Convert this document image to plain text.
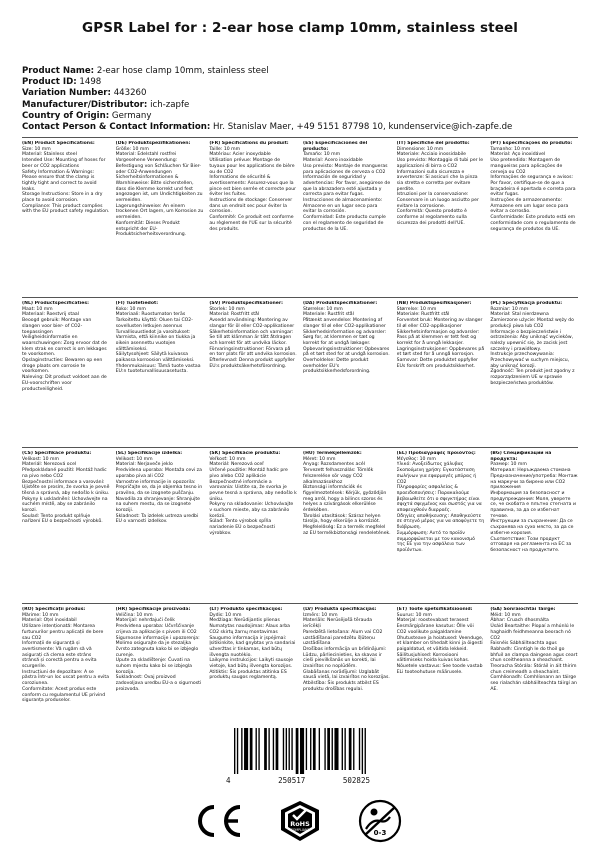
GPSR Label for : 2-ear hose clamp 10mm, stainless steel
Product Name: 2-ear hose clamp 10mm, stainless steel
Product ID: 1498
Variation Number: 443260
Manufacturer/Distributor: ich-zapfe
Country of Origin: Germany
Contact Person & Contact Information: Hr. Stanislav Maer, +49 5151 87798 10, kundenservice@ich-zapfe.de
(EN) Product Specifications:
Size: 10 mm
Material: Stainless steel
Intended Use: Mounting of hoses for beer or CO2 applications
Safety Information & Warnings: Please ensure that the clamp is tightly tight and correct to avoid leaks.
Storage Instructions: Store in a dry place to avoid corrosion.
Compliance: This product complies with the EU product safety regulation.
(DE) Produktspezifikationen:
Größe: 10 mm
Material: Edelstahl rostfrei
Vorgesehene Verwendung: Befestigung von Schläuchen für Bier- oder CO2-Anwendungen
Sicherheitsinformationen & Warnhinweise: Bitte sicherstellen, dass die Klemme korrekt und fest angezogen ist, um Undichtigkeiten zu vermeiden.
Lagerungshinweise: An einem trockenen Ort lagern, um Korrosion zu vermeiden.
Konformität: Dieses Produkt entspricht der EU-Produktsicherheitsverordnung.
(FR) Spécifications du produit:
Taille: 10 mm
Matériau: Acier inoxydable
Utilisation prévue: Montage de tuyaux pour les applications de bière ou de CO2
Informations de sécurité & avertissements: Assurez-vous que la pince est bien serrée et correcte pour éviter les fuites.
Instructions de stockage: Conserver dans un endroit sec pour éviter la corrosion.
Conformité: Ce produit est conforme au règlement de l'UE sur la sécurité des produits.
(ES) Especificaciones del producto:
Tamaño: 10 mm
Material: Acero inoxidable
Uso previsto: Montaje de mangueras para aplicaciones de cerveza o CO2
Información de seguridad y advertencias: Por favor, asegúrese de que la abrazadera esté ajustada y correcta para evitar fugas.
Instrucciones de almacenamiento: Almacene en un lugar seco para evitar la corrosión.
Conformidad: Este producto cumple con el reglamento de seguridad de productos de la UE.
(IT) Specifiche del prodotto:
Dimensione: 10 mm
Materiale: Acciaio inossidabile
Uso previsto: Montaggio di tubi per le applicazioni di birra o CO2
Informazioni sulla sicurezza e avvertenze: Si assicuri che la pinza sia stretta e corretta per evitare perdite.
Istruzioni per la conservazione: Conservare in un luogo asciutto per evitare la corrosione.
Conformità: Questo prodotto è conforme al regolamento sulla sicurezza dei prodotti dell'UE.
(PT) Especificações do produto:
Tamanho: 10 mm
Material: Aço inoxidável
Uso pretendido: Montagem de mangueiras para aplicações de cerveja ou CO2
Informações de segurança e avisos: Por favor, certifique-se de que a braçadeira é apertada e correta para evitar fugas.
Instruções de armazenamento: Armazene em um lugar seco para evitar a corrosão.
Conformidade: Este produto está em conformidade com o regulamento de segurança de produtos da UE.
(NL) Productspecificaties:
Maat: 10 mm
Materiaal: Roestvrij staal
Beoogd gebruik: Montage van slangen voor bier- of CO2-toepassingen
Veiligheidsinformatie en waarschuwingen: Zorg ervoor dat de klem strak en correct is om lekkages te voorkomen.
Opslaginstructies: Bewaren op een droge plaats om corrosie te voorkomen.
Naleving: Dit product voldoet aan de EU-voorschriften voor productveiligheid.
(FI) Tuotetiedot:
Koko: 10 mm
Materiaali: Ruostumaton teräs
Tarkoitettu käyttö: Oluen tai CO2-sovellusten letkujen asennus
Turvallisuustiedot ja varoitukset: Varmista, että kiinnike on tiukka ja oikein asennettu vuotojen välttämiseksi.
Säilytysohjeet: Säilytä kuivassa paikassa korroosion välttämiseksi.
Yhdenmukaisuus: Tämä tuote vastaa EU:n tuoteturvallisuusasetusta.
(SV) Produktspecifikationer:
Storlek: 10 mm
Material: Rostfritt stål
Avsedd användning: Montering av slangar för öl eller CO2-applikationer
Säkerhetsinformation och varningar: Se till att klämman är tätt åtdragen och korrekt för att undvika läckor.
Förvaringsinstruktioner: Förvara på en torr plats för att undvika korrosion.
Efterlevnad: Denna produkt uppfyller EU:s produktsäkerhetsförordning.
(DA) Produktspecifikationer:
Størrelse: 10 mm
Materiale: Rustfrit stål
Påtænkt anvendelse: Montering af slanger til øl eller CO2-applikationer
Sikkerhedsinformation og advarsler: Sørg for, at klemmen er tæt og korrekt for at undgå lækager.
Opbevaringsinstruktioner: Opbevares på et tørt sted for at undgå korrosion.
Overholdelse: Dette produkt overholder EU's produktsikkerhedsforordning.
(NB) Produktspesifikasjoner:
Størrelse: 10 mm
Materiale: Rustfritt stål
Forventet bruk: Montering av slanger til øl eller CO2-applikasjoner
Sikkerhetsinformasjon og advarsler: Pass på at klemmen er tett fest og korrekt for å unngå lekkasjer.
Lagringsinstruksjoner: Oppbevares på et tørt sted for å unngå korrosjon.
Samsvar: Dette produktet oppfyller EUs forskrift om produktsikkerhet.
(PL) Specyfikacja produktu:
Rozmiar: 10 mm
Materiał: Stal nierdzewna
Zamierzone użycie: Montaż węży do produkcji piwa lub CO2
Informacje o bezpieczeństwie i ostrzeżenia: Aby uniknąć wycieków, należy upewnić się, że zacisk jest szczelny i prawidłowy.
Instrukcje przechowywania: Przechowywać w suchym miejscu, aby uniknąć korozji.
Zgodność: Ten produkt jest zgodny z rozporządzeniem UE w sprawie bezpieczeństwa produktów.
(CS) Specifikace produktu:
Velikost: 10 mm
Materiál: Nerezová ocel
Předpokládané použití: Montáž hadic na pivo nebo CO2
Bezpečnostní informace a varování: Ujistěte se prosím, že svorka je pevně těsná a správná, aby nedošlo k úniku.
Pokyny k uskladnění: Uchovávejte na suchém místě, aby se zabránilo korozi.
Soulad: Tento produkt splňuje nařízení EU o bezpečnosti výrobků.
(SL) Specifikacije izdelka:
Velikost: 10 mm
Material: Nerjaveče jeklo
Predvidena uporaba: Montaža cevi za uporabo piva ali CO2
Varnostne informacije in opozorila: Prepričajte se, da je objemka tesno in pravilno, da se izognete puščanju.
Navodila za shranjevanje: Shranjujte na suhem mestu, da se izognete koroziji.
Skladnost: Ta izdelek ustreza uredbi EU o varnosti izdelkov.
(SK) Špecifikácie produktu:
Veľkosť: 10 mm
Materiál: Nerezová oceľ
Určené použitie: Montáž hadíc pre pivo alebo CO2 aplikácie
Bezpečnostné informácie a varovania: Uistite sa, že svorka je pevne tesná a správna, aby nedošlo k úniku.
Pokyny na skladovanie: Uchovávajte v suchom mieste, aby sa zabránilo korózii.
Súlad: Tento výrobok spĺňa nariadenie EÚ o bezpečnosti výrobkov.
(HU) Termékjellemzők:
Méret: 10 mm
Anyag: Rozsdamentes acél
Tervezett felhasználás: Tömlők felszerelése sör vagy CO2 alkalmazásokhoz
Biztonsági információk és figyelmeztetések: Kérjük, győződjön meg arról, hogy a bilincs szoros és helyes a szivárgások elkerülése érdekében.
Tárolási utasítások: Száraz helyen tárolja, hogy elkerülje a korróziót.
Megfelelőség: Ez a termék megfelel az EU termékbiztonsági rendeletének.
(EL) Προδιαγραφές προϊόντος:
Μέγεθος: 10 mm
Υλικό: Ανοξείδωτος χάλυβας
Σκοπούμενη χρήση: Εγκατάσταση σωλήνων για εφαρμογές μπύρας ή CO2
Πληροφορίες ασφαλείας & προειδοποιήσεις: Παρακαλούμε βεβαιωθείτε ότι ο σφιγκτήρας είναι σφιχτά σφιγμένος και σωστός για να αποφευχθούν διαρροές.
Οδηγίες αποθήκευσης: Αποθηκεύστε σε στεγνό μέρος για να αποφύγετε τη διάβρωση.
Συμμόρφωση: Αυτό το προϊόν συμμορφώνεται με τον κανονισμό της ΕΕ για την ασφάλεια των προϊόντων.
(BG) Спецификации на продукта:
Размер: 10 mm
Материал: Неръждаема стомана
Предназначение/употреба: Монтаж на маркучи за бирено или CO2 приложения
Информация за безопасност и предупреждения: Моля, уверете се, че скобата е плътно стегната и правилна, за да се избегнат течове.
Инструкции за съхранение: Да се съхранява на сухо място, за да се избегне корозия.
Съответствие: Този продукт отговаря на регламента на ЕС за безопасност на продуктите.
(RO) Specificații produs:
Mărime: 10 mm
Material: Oțel inoxidabil
Utilizare intenționată: Montarea furtunurilor pentru aplicații de bere sau CO2
Informații de siguranță și avertismente: Vă rugăm să vă asigurați că clema este strâns strânsă și corectă pentru a evita scurgerile.
Instrucțiuni de depozitare: A se păstra într-un loc uscat pentru a evita coroziunea.
Conformitate: Acest produs este conform cu regulamentul UE privind siguranța produselor.
(HR) Specifikacije proizvoda:
Veličina: 10 mm
Materijal: nehrđajući čelik
Predviđena uporaba: Učvršćivanje crijeva za aplikacije s pivom ili CO2
Sigurnosne informacije i upozorenja: Molimo osigurajte da je stezaljka čvrsto zategnuta kako bi se izbjeglo curenje.
Upute za skladištenje: Čuvati na suhom mjestu kako bi se izbjegla korozija.
Sukladnost: Ovaj proizvod zadovoljava uredbu EU-a o sigurnosti proizvoda.
(LT) Produkto specifikacijos:
Dydis: 10 mm
Medžiaga: Nerūdijantis plienas
Numatytas naudojimas: Alaus arba CO2 skirtų žarnų montavimas
Saugumo informacija ir įspėjimai: Įsitikinkite, kad gnybtas yra sandariai užveržtas ir tinkamas, kad būtų išvengta nuotėkio.
Laikymo instrukcijos: Laikyti sausoje vietoje, kad būtų išvengta korozijos.
Atitiktis: Šis produktas atitinka ES produktų saugos reglamentą.
(LV) Produkta specifikācijas:
Izmērs: 10 mm
Materiāls: Nerūsējošā tērauda ierīcēkļi
Paredzētā lietošana: Alum vai CO2 uzstādīšanai paredzētu šļūteņu uzstādīšana
Drošības informācija un brīdinājumi: Lūdzu, pārliecinieties, ka skavas ir cieši pievilkšanās un korekti, lai izvairītos no noplūdēm.
Glabāšanas norādījumi: Uzglabāt sausā vietā, lai izvairītos no korozijas.
Atbilstība: Šis produkts atbilst ES produktu drošības regulai.
(ET) Toote spetsifikatsioonid:
Suurus: 10 mm
Materjal: roostevabast terasest
Eesmärgipärane kasutus: Õlle või CO2 voolikute paigaldamine
Ohutusteave ja hoiatused: Veenduge, et klamber on tihedalt kinni ja õigesti paigaldatud, et vältida lekkeid.
Säilitusjuhised: Korrosiooni vältimiseks hoida kuivas kohas.
Nõuetele vastavus: See toode vastab ELi tooteohutuse määrusele.
(GA) Sonraíochtaí Táirge:
Méid: 10 mm
Ábhar: Cruach dhosmálta
Úsáid Beartaithe: Píopaí a mhúnlú le haghaidh feidhmeanna beorach nó CO2
Faisnéis Sábháilteachta agus Rabhadh: Cinntigh le do thoil go bhfuil an clampa daingean agus ceart chun sceitheanna a sheachaint.
Treoracha Stórála: Stóráil in áit thirim chun creimeadh a sheachaint.
Comhlíonadh: Comhlíonann an táirge seo rialachán sábháilteachta táirgí an AE.
4	250517	502825
RoHS
COMPLIANT	0-3
